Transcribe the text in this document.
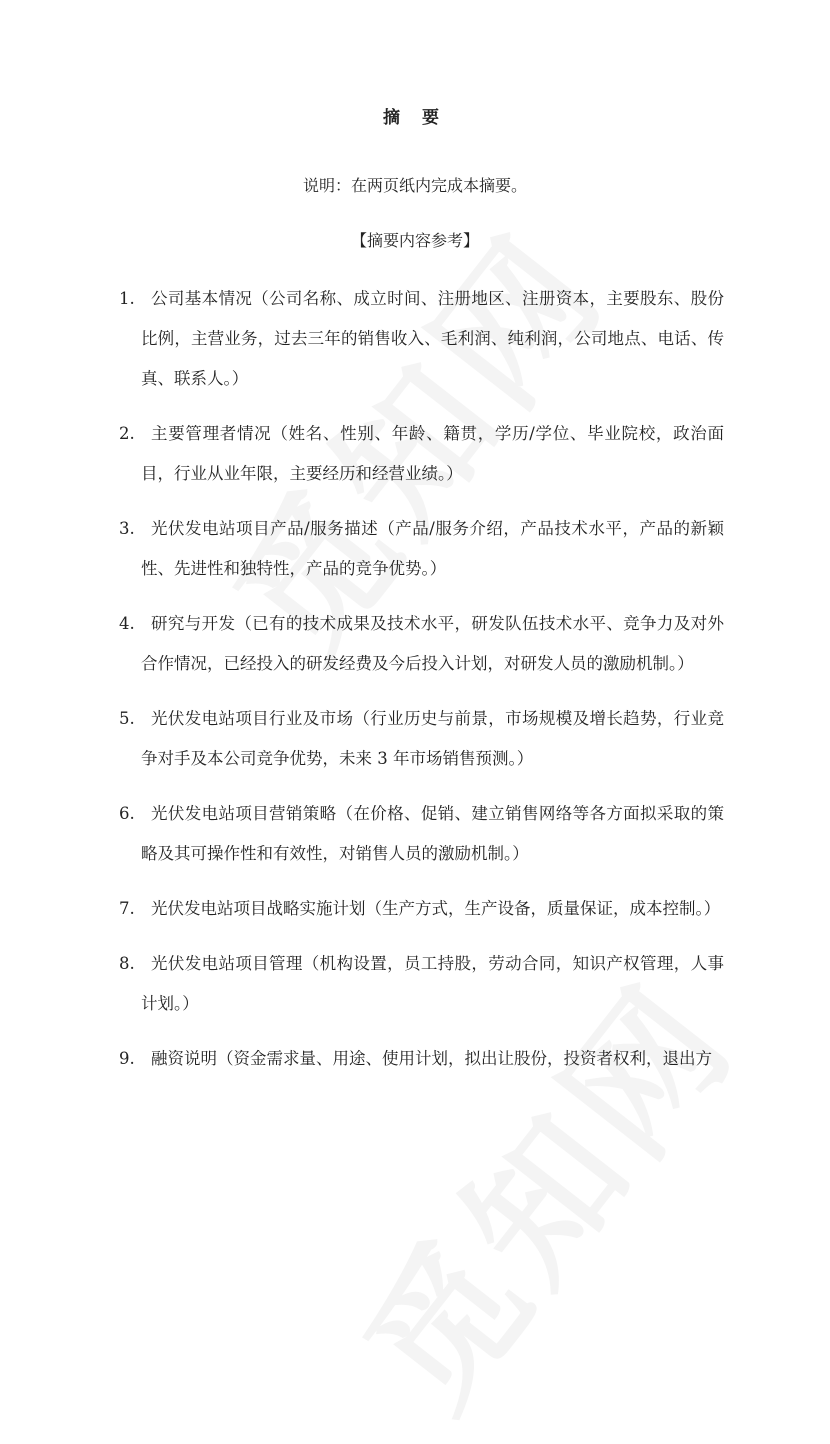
摘 要
说明：在两页纸内完成本摘要。
【摘要内容参考】
1. 公司基本情况（公司名称、成立时间、注册地区、注册资本，主要股东、股份比例，主营业务，过去三年的销售收入、毛利润、纯利润，公司地点、电话、传真、联系人。）
2. 主要管理者情况（姓名、性别、年龄、籍贯，学历/学位、毕业院校，政治面目，行业从业年限，主要经历和经营业绩。）
3. 光伏发电站项目产品/服务描述（产品/服务介绍，产品技术水平，产品的新颖性、先进性和独特性，产品的竞争优势。）
4. 研究与开发（已有的技术成果及技术水平，研发队伍技术水平、竞争力及对外合作情况，已经投入的研发经费及今后投入计划，对研发人员的激励机制。）
5. 光伏发电站项目行业及市场（行业历史与前景，市场规模及增长趋势，行业竞争对手及本公司竞争优势，未来 3 年市场销售预测。）
6. 光伏发电站项目营销策略（在价格、促销、建立销售网络等各方面拟采取的策略及其可操作性和有效性，对销售人员的激励机制。）
7. 光伏发电站项目战略实施计划（生产方式，生产设备，质量保证，成本控制。）
8. 光伏发电站项目管理（机构设置，员工持股，劳动合同，知识产权管理，人事计划。）
9. 融资说明（资金需求量、用途、使用计划，拟出让股份，投资者权利，退出方
